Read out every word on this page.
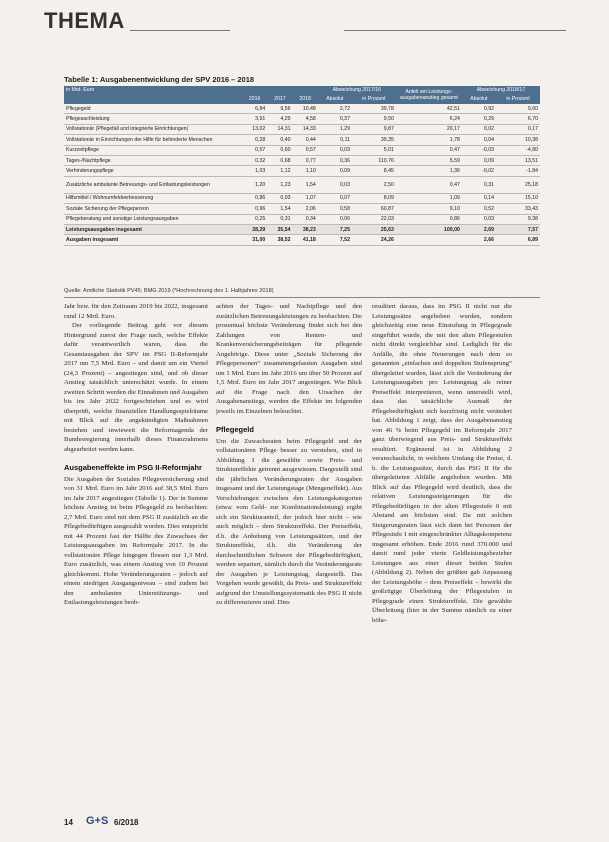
THEMA
Tabelle 1: Ausgabenentwicklung der SPV 2016 – 2018
in Mrd. Euro				Abweichung 2017/16		Anteil am Leistungs-ausgabenanstieg gesamt	Abweichung 2018/17	
	2016	2017	2018	Absolut	in Prozent		Absolut	in Prozent
Pflegegeld	6,84	9,56	10,48	2,72	39,78	42,51	0,92	9,60
Pflegesachleistung	3,91	4,29	4,58	0,37	9,50	6,24	0,29	6,70
Vollstationär (Pflegefall und integrierte Einrichtungen)	13,02	14,31	14,33	1,29	9,87	20,17	0,02	0,17
Vollstationär in Einrichtungen der Hilfe für behinderte Menschen	0,28	0,40	0,44	0,11	39,35	1,78	0,04	10,38
Kurzzeitpflege	0,57	0,60	0,57	0,03	5,01	0,47	-0,03	-4,80
Tages-/Nachtpflege	0,32	0,68	0,77	0,36	110,76	5,59	0,09	13,51
Verhinderungspflege	1,03	1,12	1,10	0,09	8,45	1,36	-0,02	-1,84
Zusätzliche ambulante Betreuungs- und Entlastungsleistungen	1,20	1,23	1,54	0,03	2,50	0,47	0,31	25,18
Hilfsmittel / Wohnumfeldverbesserung	0,86	0,93	1,07	0,07	8,09	1,09	0,14	15,10
Soziale Sicherung der Pflegeperson	0,96	1,54	2,06	0,58	60,87	9,10	0,52	33,43
Pflegeberatung und sonstige Leistungsausgaben	0,25	0,31	0,34	0,06	22,03	0,86	0,03	9,38
Leistungsausgaben insgesamt	28,29	35,54	38,23	7,25	25,63	100,00	2,69	7,57
Ausgaben insgesamt	31,00	38,52	41,18	7,52	24,26		2,66	6,89
Quelle: Amtliche Statistik PV45; BMG 2019 (*Hochrechnung des 1. Halbjahres 2018)

Jahr bzw. für den Zeitraum 2019 bis 2022, insgesamt rund 12 Mrd. Euro.

Der vorliegende Beitrag geht vor diesem Hintergrund zuerst der Frage nach, welche Effekte dafür verantwortlich waren, dass die Gesamtausgaben der SPV im PSG II-Reformjahr 2017 um 7,5 Mrd. Euro – und damit um ein Viertel (24,3 Prozent) – angestiegen sind, und ob dieser Anstieg tatsächlich unterschätzt wurde. In einem zweiten Schritt werden die Einnahmen und Ausgaben bis ins Jahr 2022 fortgeschrieben und es wird überprüft, welche finanziellen Handlungsspielräume mit Blick auf die angekündigten Maßnahmen bestehen und inwieweit die Reformagenda der Bundesregierung innerhalb dieses Finanzrahmens abgearbeitet werden kann.

Ausgabeneffekte im PSG II-Reformjahr

Die Ausgaben der Sozialen Pflegeversicherung sind von 31 Mrd. Euro im Jahr 2016 auf 38,5 Mrd. Euro im Jahr 2017 angestiegen (Tabelle 1). Der in Summe höchste Anstieg ist beim Pflegegeld zu beobachten: 2,7 Mrd. Euro sind mit dem PSG II zusätzlich an die Pflegebedürftigen ausgezahlt worden. Dies entspricht mit 44 Prozent fast der Hälfte des Zuwachses der Leistungsausgaben im Reformjahr 2017. In die vollstationäre Pflege hingegen flossen nur 1,3 Mrd. Euro zusätzlich, was einem Anstieg von 10 Prozent gleichkommt. Hohe Veränderungsraten – jedoch auf einem niedrigen Ausgangsniveau – sind zudem bei den ambulanten Unterstützungs- und Entlastungsleistungen beob-

achten der Tages- und Nachtpflege und den zusätzlichen Betreuungsleistungen zu beobachten. Die prozentual höchste Veränderung findet sich bei den Zahlungen von Renten- und Krankenversicherungsbeiträgen für pflegende Angehörige. Diese unter „Soziale Sicherung der Pflegepersonen“ zusammengefassten Ausgaben sind um 1 Mrd. Euro im Jahr 2016 um über 50 Prozent auf 1,5 Mrd. Euro im Jahr 2017 angestiegen. Wie Blick auf die Frage nach den Ursachen der Ausgabenanstiegs, werden die Effekte im folgenden jeweils im Einzelnen beleuchtet.

Pflegegeld

Um die Zuwachsraten beim Pflegegeld und der vollstationären Pflege besser zu verstehen, sind in Abbildung 1 die gewählte sowie Preis- und Struktureffekte getrennt ausgewiesen. Dargestellt sind die jährlichen Veränderungsraten der Ausgaben insgesamt und der Leistungstage (Mengeneffekt). Aus Verschiebungen zwischen den Leistungskategorien (etwa: vom Geld- zur Kombinationsleistung) ergibt sich ein Strukturanteil, der jedoch hier nicht – wie auch möglich – dem Struktureffekt. Der Preiseffekt, d.h. die Anhebung von Leistungssätzen, und der Struktureffekt, d.h. die Veränderung der durchschnittlichen Schwere der Pflegebedürftigkeit, werden separiert, nämlich durch die Veränderungsrate der Ausgaben je Leistungstag, dargestellt. Das Vorgehen wurde gewählt, da Preis- und Struktureffekt aufgrund der Umstellungssystematik des PSG II nicht zu differenzieren sind. Dies

resultiert daraus, dass im PSG II nicht nur die Leistungssätze angehoben wurden, sondern gleichzeitig eine neue Einstufung in Pflegegrade eingeführt wurde, die mit den alten Pflegestufen nicht direkt vergleichbar sind. Lediglich für die Anfälle, die ohne Neuerungen nach dem so genannten „einfachen und doppelten Stufensprung“ übergeleitet wurden, lässt sich die Veränderung der Leistungsausgaben pro Leistungstag als reiner Preiseffekt interpretieren, wenn unterstellt wird, dass das tatsächliche Ausmaß der Pflegebedürftigkeit sich kurzfristig nicht verändert hat. Abbildung 1 zeigt, dass der Ausgabenanstieg von 46 % beim Pflegegeld im Reformjahr 2017 ganz überwiegend aus Preis- und Struktureffekt resultiert. Ergänzend ist in Abbildung 2 veranschaulicht, in welchem Umfang die Preise, d. h. die Leistungssätze, durch das PSG II für die übergeleiteten Altfälle angehoben wurden. Mit Blick auf das Pflegegeld wird deutlich, dass die relativen Leistungssteigerungen für die Pflegebedürftigen in der alten Pflegestufe 0 mit Abstand am höchsten sind. Da mit solchen Steigerungsraten lässt sich dann bei Personen der Pflegestufe I mit eingeschränkter Alltagskompetenz insgesamt erhöhen. Ende 2016 rund 370.000 und damit rund jeder vierte Geldleistungsbezieher Leistungen aus einer dieser beiden Stufen (Abbildung 2). Neben der größten gab Anpassung der Leistungshöhe – dem Preiseffekt – bewirkt die großzügige Überleitung der Pflegestufen in Pflegegrade einen Struktureffekt. Die gewählte Überleitung (hier in der Summe nämlich zu einer höhe-

14 G+S 6/2018
